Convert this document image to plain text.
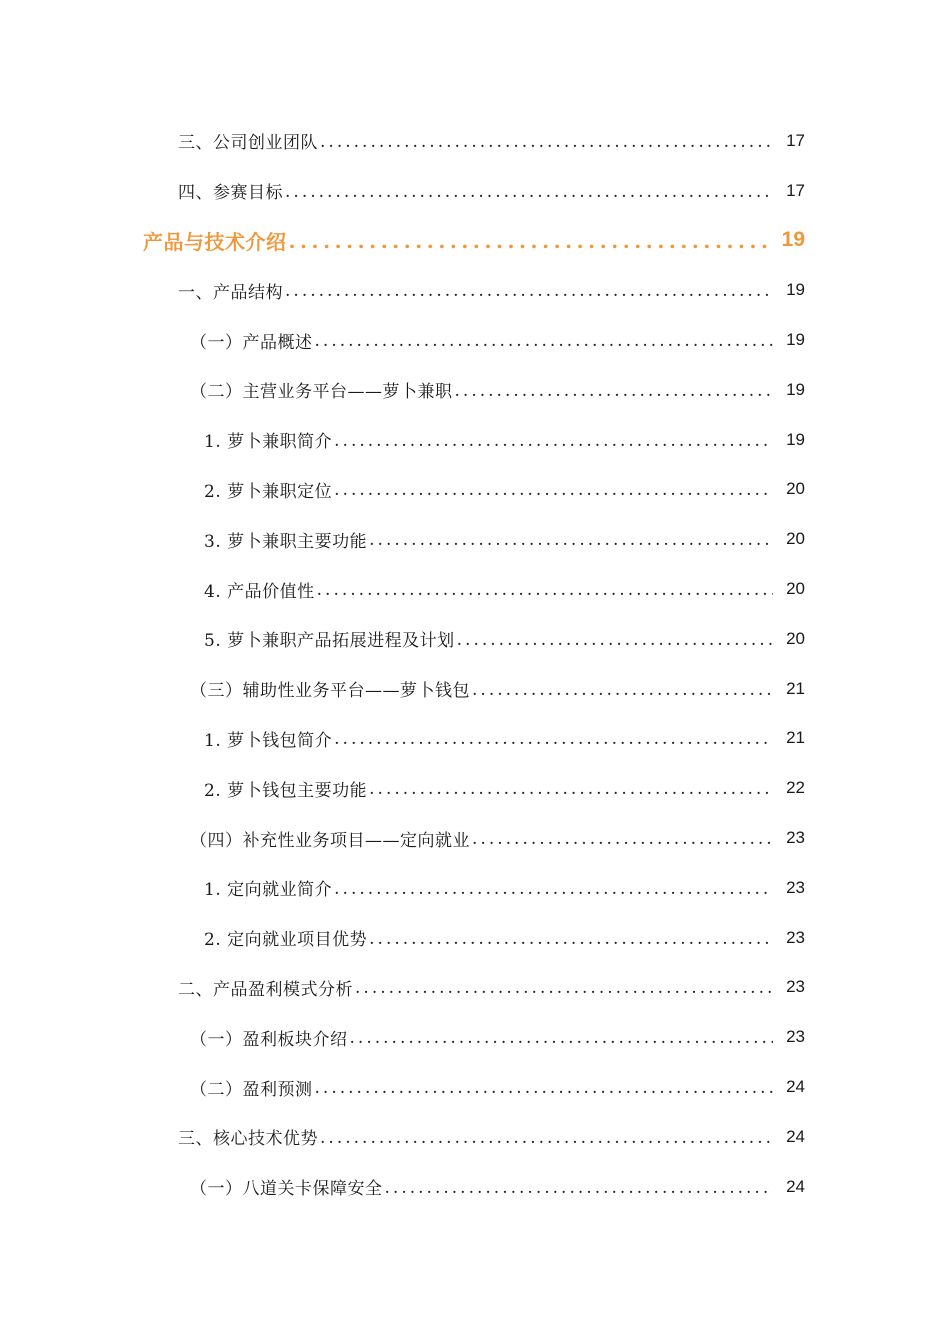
三、公司创业团队 . . .	17
四、参赛目标 . . .	17
产品与技术介绍 . . .	19
一、产品结构 . . .	19
（一）产品概述 . . .	19
（二）主营业务平台——萝卜兼职 . . .	19
1. 萝卜兼职简介 . . .	19
2. 萝卜兼职定位 . . .	20
3. 萝卜兼职主要功能 . . .	20
4. 产品价值性 . . .	20
5. 萝卜兼职产品拓展进程及计划 . . .	20
（三）辅助性业务平台——萝卜钱包 . . .	21
1. 萝卜钱包简介 . . .	21
2. 萝卜钱包主要功能 . . .	22
（四）补充性业务项目——定向就业 . . .	23
1. 定向就业简介 . . .	23
2. 定向就业项目优势 . . .	23
二、产品盈利模式分析 . . .	23
（一）盈利板块介绍 . . .	23
（二）盈利预测 . . .	24
三、核心技术优势 . . .	24
（一）八道关卡保障安全 . . .	24
